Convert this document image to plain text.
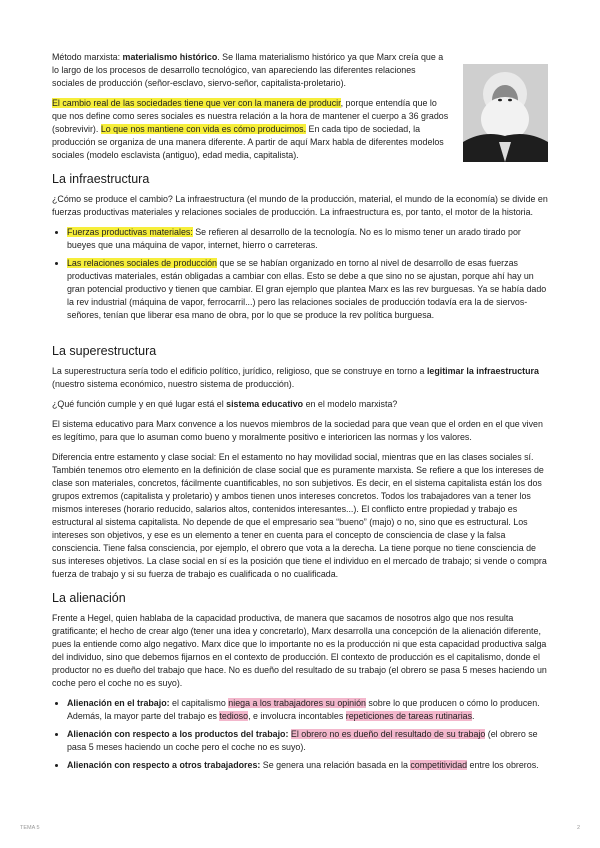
Método marxista: materialismo histórico. Se llama materialismo histórico ya que Marx creía que a lo largo de los procesos de desarrollo tecnológico, van apareciendo las diferentes relaciones sociales de producción (señor-esclavo, siervo-señor, capitalista-proletario).

El cambio real de las sociedades tiene que ver con la manera de producir, porque entendía que lo que nos define como seres sociales es nuestra relación a la hora de mantener el cuerpo a 36 grados (sobrevivir). Lo que nos mantiene con vida es cómo producimos. En cada tipo de sociedad, la producción se organiza de una manera diferente. A partir de aquí Marx habla de diferentes modelos sociales (modelo esclavista (antiguo), edad media, capitalista).

La infraestructura

¿Cómo se produce el cambio? La infraestructura (el mundo de la producción, material, el mundo de la economía) se divide en fuerzas productivas materiales y relaciones sociales de producción. La infraestructura es, por tanto, el motor de la historia.

• Fuerzas productivas materiales: Se refieren al desarrollo de la tecnología. No es lo mismo tener un arado tirado por bueyes que una máquina de vapor, internet, hierro o carreteras.
• Las relaciones sociales de producción que se se habían organizado en torno al nivel de desarrollo de esas fuerzas productivas materiales, están obligadas a cambiar con ellas. Esto se debe a que sino no se ajustan, porque ahí hay un gran potencial productivo y tienen que cambiar. El gran ejemplo que plantea Marx es las rev burguesas. Ya se había dado la rev industrial (máquina de vapor, ferrocarril...) pero las relaciones sociales de producción todavía era la de siervos-señores, tenían que liberar esa mano de obra, por lo que se produce la rev política burguesa.
La superestructura

La superestructura sería todo el edificio político, jurídico, religioso, que se construye en torno a legitimar la infraestructura (nuestro sistema económico, nuestro sistema de producción).

¿Qué función cumple y en qué lugar está el sistema educativo en el modelo marxista?

El sistema educativo para Marx convence a los nuevos miembros de la sociedad para que vean que el orden en el que viven es legítimo, para que lo asuman como bueno y moralmente positivo e interioricen las normas y los valores.

Diferencia entre estamento y clase social: En el estamento no hay movilidad social, mientras que en las clases sociales sí. También tenemos otro elemento en la definición de clase social que es puramente marxista. Se refiere a que los intereses de clase son materiales, concretos, fácilmente cuantificables, no son subjetivos. Es decir, en el sistema capitalista están los dos grupos extremos (capitalista y proletario) y ambos tienen unos intereses concretos. Todos los trabajadores van a tener los mismos intereses (horario reducido, salarios altos, contenidos interesantes...). El conflicto entre propiedad y trabajo es estructural al sistema capitalista. No depende de que el empresario sea “bueno” (majo) o no, sino que es estructural. Los intereses son objetivos, y ese es un elemento a tener en cuenta para el concepto de consciencia de clase y la falsa consciencia. Tiene falsa consciencia, por ejemplo, el obrero que vota a la derecha. La tiene porque no tiene consciencia de sus intereses objetivos. La clase social en sí es la posición que tiene el individuo en el mercado de trabajo; si vende o compra fuerza de trabajo y si su fuerza de trabajo es cualificada o no cualificada.

La alienación

Frente a Hegel, quien hablaba de la capacidad productiva, de manera que sacamos de nosotros algo que nos resulta gratificante; el hecho de crear algo (tener una idea y concretarlo), Marx desarrolla una concepción de la alienación diferente, pues la entiende como algo negativo. Marx dice que lo importante no es la producción ni que esta capacidad productiva salga del individuo, sino que debemos fijarnos en el contexto de producción. El contexto de producción es el capitalismo, donde el productor no es dueño del trabajo que hace. No es dueño del resultado de su trabajo (el obrero se pasa 5 meses haciendo un coche pero el coche no es suyo).

• Alienación en el trabajo: el capitalismo niega a los trabajadores su opinión sobre lo que producen o cómo lo producen. Además, la mayor parte del trabajo es tedioso, e involucra incontables repeticiones de tareas rutinarias.
• Alienación con respecto a los productos del trabajo: El obrero no es dueño del resultado de su trabajo (el obrero se pasa 5 meses haciendo un coche pero el coche no es suyo).
• Alienación con respecto a otros trabajadores: Se genera una relación basada en la competitividad entre los obreros.
TEMA 5	2
